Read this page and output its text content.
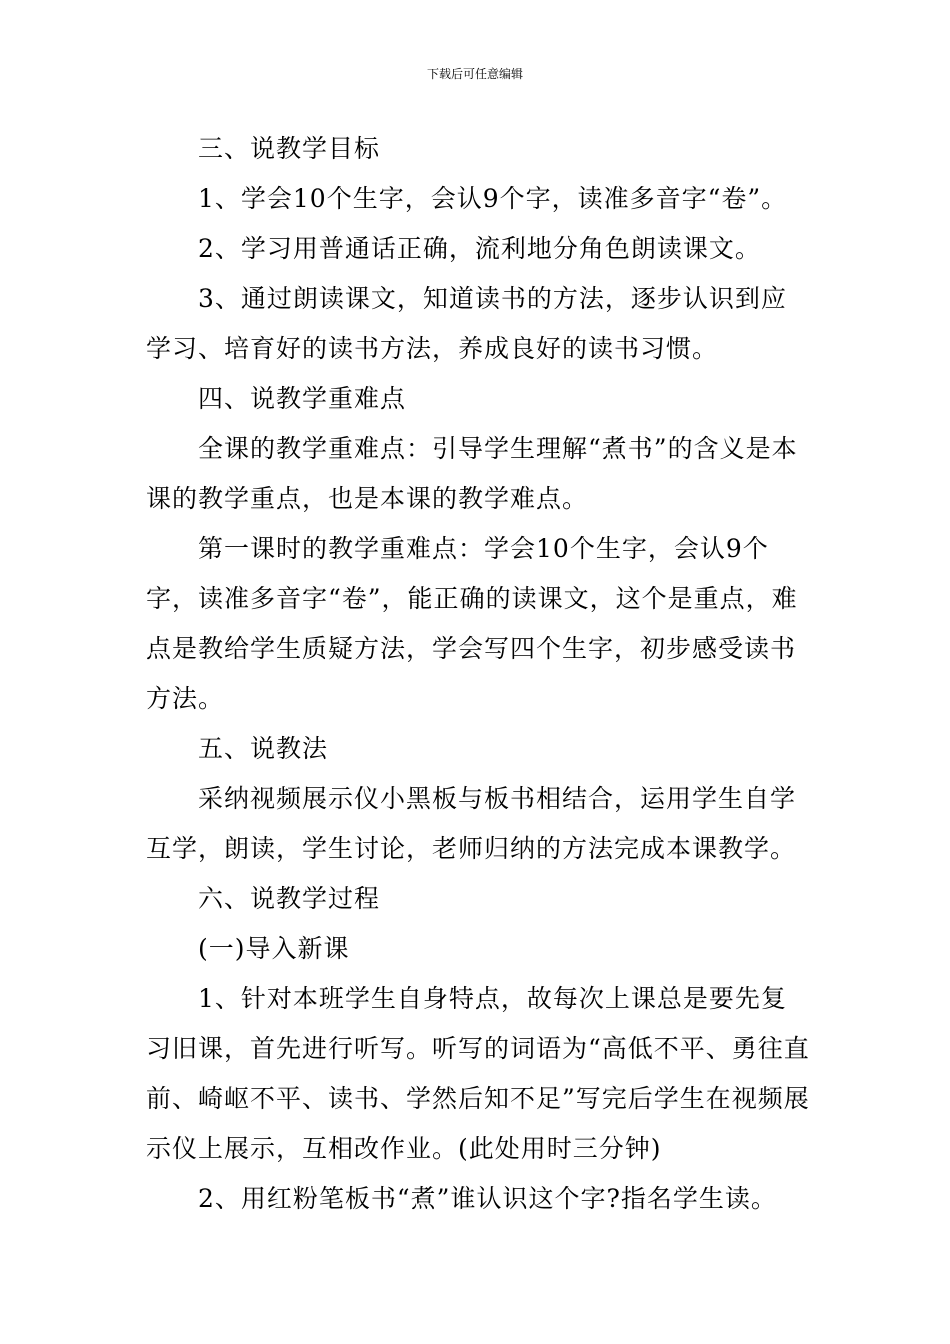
下载后可任意编辑

三、说教学目标

1、学会10个生字，会认9个字，读准多音字“卷”。

2、学习用普通话正确，流利地分角色朗读课文。

3、通过朗读课文，知道读书的方法，逐步认识到应学习、培育好的读书方法，养成良好的读书习惯。

四、说教学重难点

全课的教学重难点：引导学生理解“煮书”的含义是本课的教学重点，也是本课的教学难点。

第一课时的教学重难点：学会10个生字，会认9个字，读准多音字“卷”，能正确的读课文，这个是重点，难点是教给学生质疑方法，学会写四个生字，初步感受读书方法。

五、说教法

采纳视频展示仪小黑板与板书相结合，运用学生自学互学，朗读，学生讨论，老师归纳的方法完成本课教学。

六、说教学过程

(一)导入新课

1、针对本班学生自身特点，故每次上课总是要先复习旧课，首先进行听写。听写的词语为“高低不平、勇往直前、崎岖不平、读书、学然后知不足”写完后学生在视频展示仪上展示，互相改作业。(此处用时三分钟)

2、用红粉笔板书“煮”谁认识这个字?指名学生读。
